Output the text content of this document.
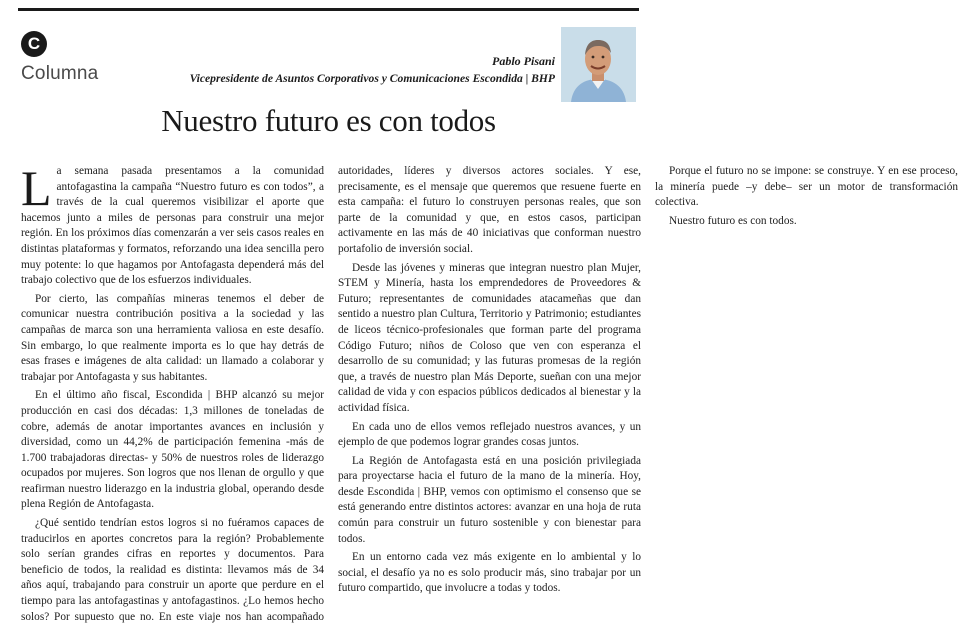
C
Columna
Pablo Pisani
Vicepresidente de Asuntos Corporativos y Comunicaciones Escondida | BHP
Nuestro futuro es con todos

La semana pasada presentamos a la comunidad antofagastina la campaña “Nuestro futuro es con todos”, a través de la cual queremos visibilizar el aporte que hacemos junto a miles de personas para construir una mejor región. En los próximos días comenzarán a ver seis casos reales en distintas plataformas y formatos, reforzando una idea sencilla pero muy potente: lo que hagamos por Antofagasta dependerá más del trabajo colectivo que de los esfuerzos individuales.

Por cierto, las compañías mineras tenemos el deber de comunicar nuestra contribución positiva a la sociedad y las campañas de marca son una herramienta valiosa en este desafío. Sin embargo, lo que realmente importa es lo que hay detrás de esas frases e imágenes de alta calidad: un llamado a colaborar y trabajar por Antofagasta y sus habitantes.

En el último año fiscal, Escondida | BHP alcanzó su mejor producción en casi dos décadas: 1,3 millones de toneladas de cobre, además de anotar importantes avances en inclusión y diversidad, como un 44,2% de participación femenina -más de 1.700 trabajadoras directas- y 50% de nuestros roles de liderazgo ocupados por mujeres. Son logros que nos llenan de orgullo y que reafirman nuestro liderazgo en la industria global, operando desde plena Región de Antofagasta.

¿Qué sentido tendrían estos logros si no fuéramos capaces de traducirlos en aportes concretos para la región? Probablemente solo serían grandes cifras en reportes y documentos. Para beneficio de todos, la realidad es distinta: llevamos más de 34 años aquí, trabajando para construir un aporte que perdure en el tiempo para las antofagastinas y antofagastinos. ¿Lo hemos hecho solos? Por supuesto que no. En este viaje nos han acompañado autoridades, líderes y diversos actores sociales. Y ese, precisamente, es el mensaje que queremos que resuene fuerte en esta campaña: el futuro lo construyen personas reales, que son parte de la comunidad y que, en estos casos, participan activamente en las más de 40 iniciativas que conforman nuestro portafolio de inversión social.

Desde las jóvenes y mineras que integran nuestro plan Mujer, STEM y Minería, hasta los emprendedores de Proveedores & Futuro; representantes de comunidades atacameñas que dan sentido a nuestro plan Cultura, Territorio y Patrimonio; estudiantes de liceos técnico-profesionales que forman parte del programa Código Futuro; niños de Coloso que ven con esperanza el desarrollo de su comunidad; y las futuras promesas de la región que, a través de nuestro plan Más Deporte, sueñan con una mejor calidad de vida y con espacios públicos dedicados al bienestar y la actividad física.

En cada uno de ellos vemos reflejado nuestros avances, y un ejemplo de que podemos lograr grandes cosas juntos.

La Región de Antofagasta está en una posición privilegiada para proyectarse hacia el futuro de la mano de la minería. Hoy, desde Escondida | BHP, vemos con optimismo el consenso que se está generando entre distintos actores: avanzar en una hoja de ruta común para construir un futuro sostenible y con bienestar para todos.

En un entorno cada vez más exigente en lo ambiental y lo social, el desafío ya no es solo producir más, sino trabajar por un futuro compartido, que involucre a todas y todos.

Porque el futuro no se impone: se construye. Y en ese proceso, la minería puede –y debe– ser un motor de transformación colectiva.

Nuestro futuro es con todos.
